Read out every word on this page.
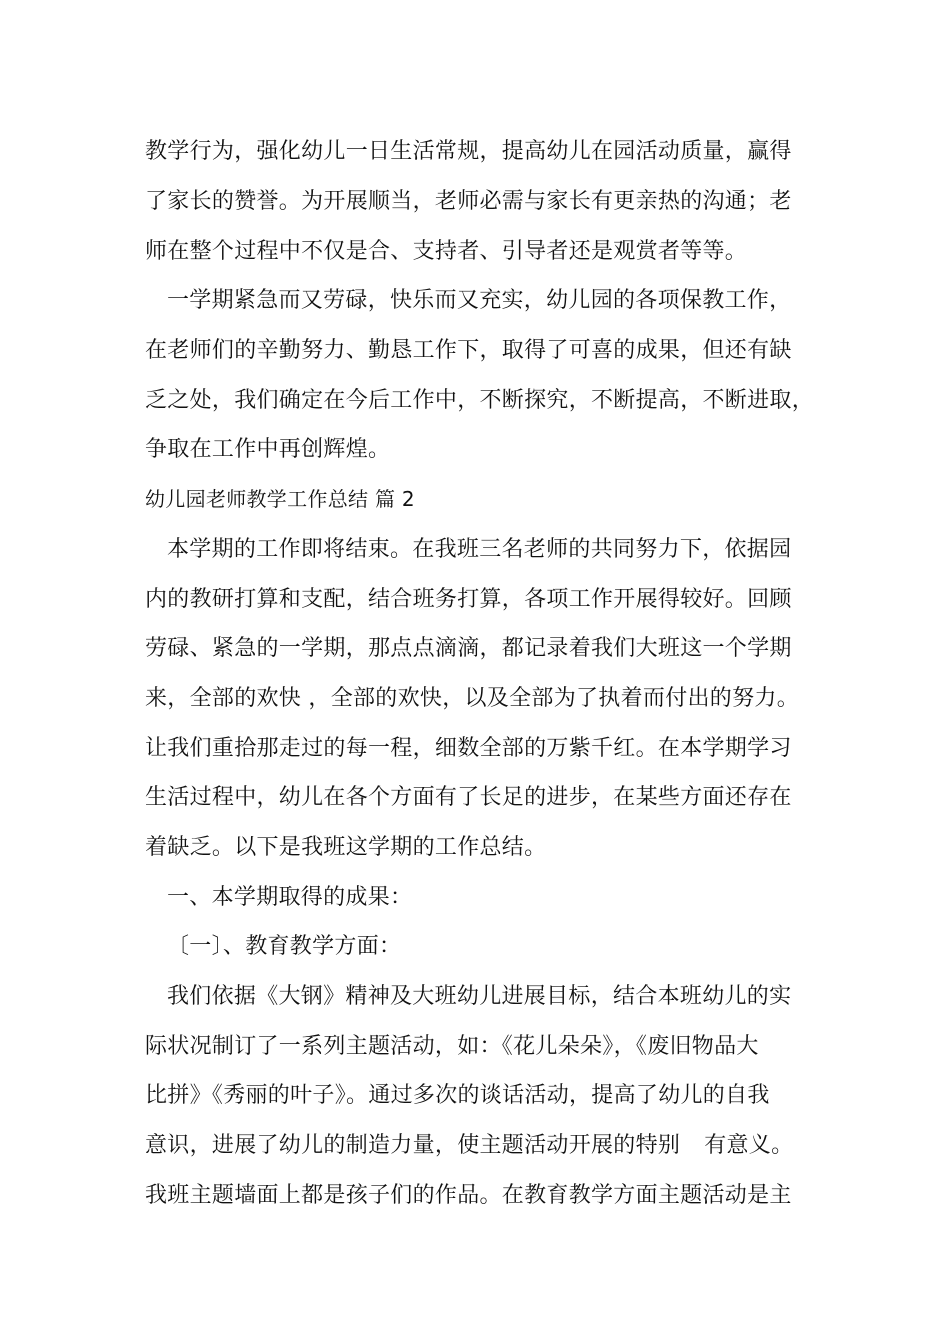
教学行为，强化幼儿一日生活常规，提高幼儿在园活动质量，赢得
了家长的赞誉。为开展顺当，老师必需与家长有更亲热的沟通；老
师在整个过程中不仅是合、支持者、引导者还是观赏者等等。
一学期紧急而又劳碌，快乐而又充实，幼儿园的各项保教工作，
在老师们的辛勤努力、勤恳工作下，取得了可喜的成果，但还有缺
乏之处，我们确定在今后工作中，不断探究，不断提高，不断进取，
争取在工作中再创辉煌。
幼儿园老师教学工作总结 篇 2
本学期的工作即将结束。在我班三名老师的共同努力下，依据园
内的教研打算和支配，结合班务打算，各项工作开展得较好。回顾
劳碌、紧急的一学期，那点点滴滴，都记录着我们大班这一个学期
来，全部的欢快 ，全部的欢快，以及全部为了执着而付出的努力。
让我们重拾那走过的每一程，细数全部的万紫千红。在本学期学习
生活过程中，幼儿在各个方面有了长足的进步，在某些方面还存在
着缺乏。以下是我班这学期的工作总结。
一、本学期取得的成果：
〔一〕、教育教学方面：
我们依据《大钢》精神及大班幼儿进展目标，结合本班幼儿的实
际状况制订了一系列主题活动，如：《花儿朵朵》，《废旧物品大
比拼》《秀丽的叶子》。通过多次的谈话活动，提高了幼儿的自我
意识，进展了幼儿的制造力量，使主题活动开展的特别 有意义。
我班主题墙面上都是孩子们的作品。在教育教学方面主题活动是主
